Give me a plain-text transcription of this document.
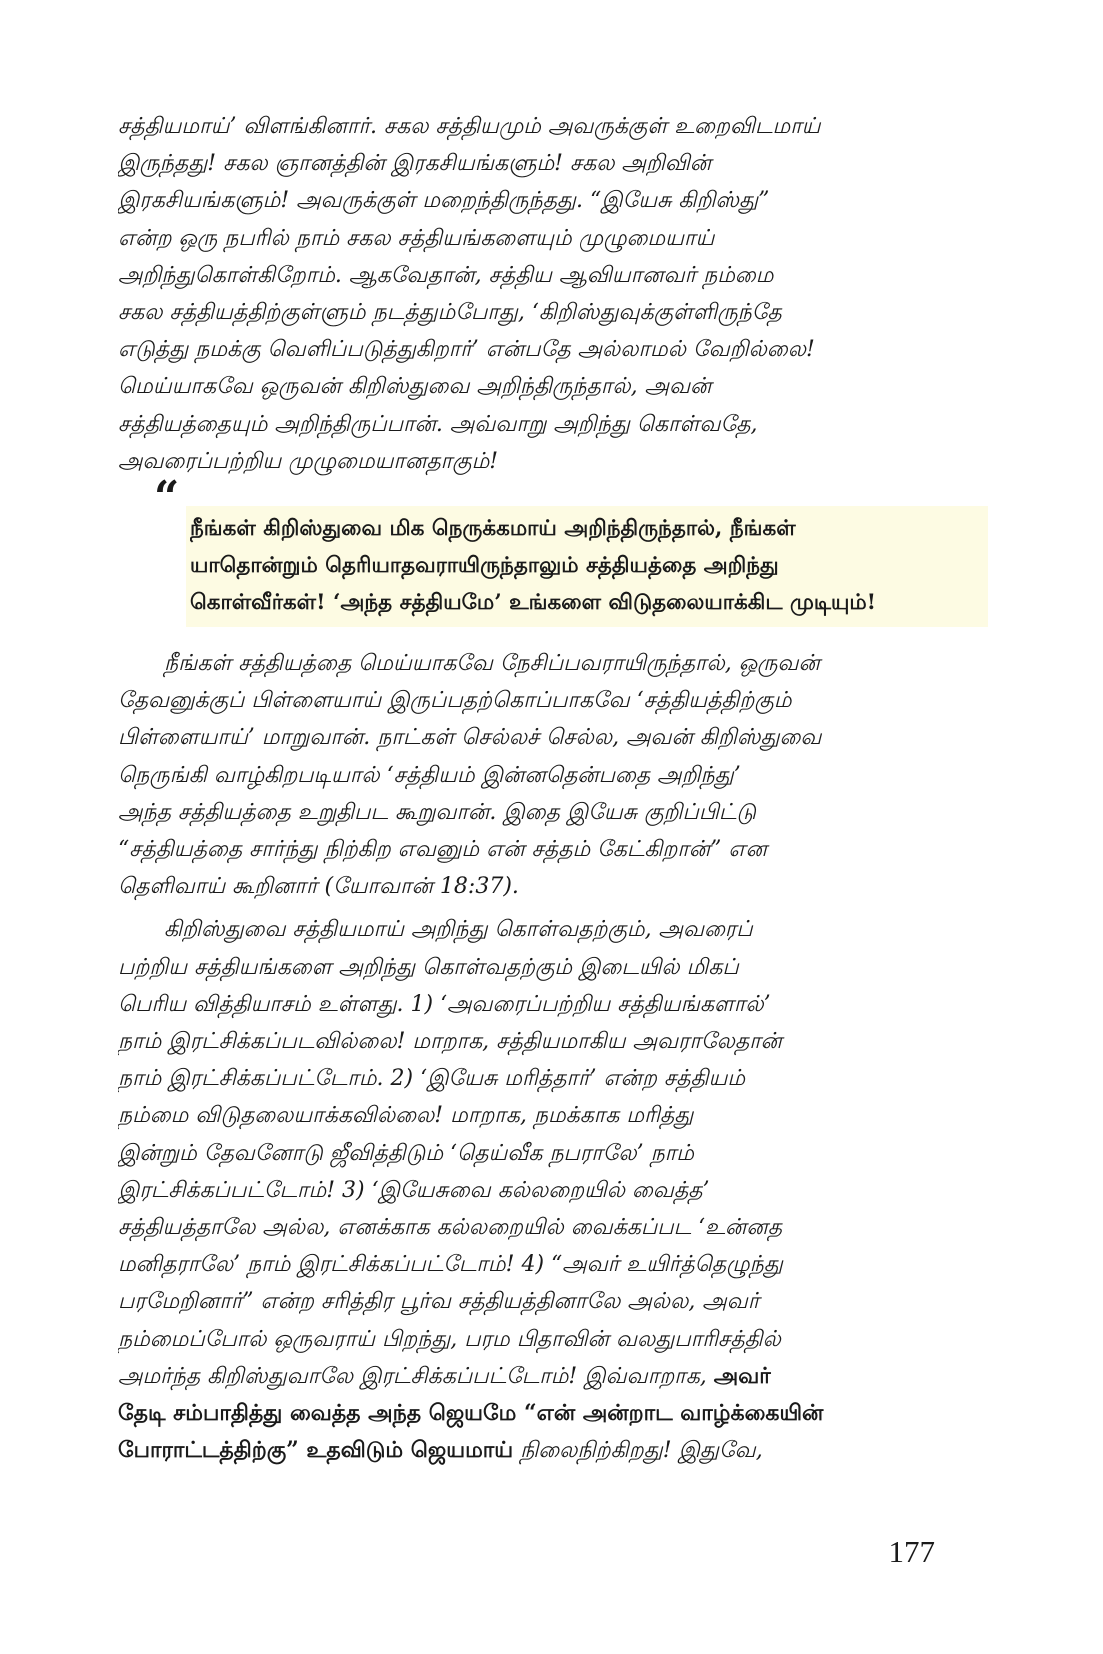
சத்தியமாய்’ விளங்கினார். சகல சத்தியமும் அவருக்குள் உறைவிடமாய்
இருந்தது! சகல ஞானத்தின் இரகசியங்களும்! சகல அறிவின்
இரகசியங்களும்! அவருக்குள் மறைந்திருந்தது. “இயேசு கிறிஸ்து”
என்ற ஒரு நபரில் நாம் சகல சத்தியங்களையும் முழுமையாய்
அறிந்துகொள்கிறோம். ஆகவேதான், சத்திய ஆவியானவர் நம்மை
சகல சத்தியத்திற்குள்ளும் நடத்தும்போது, ‘கிறிஸ்துவுக்குள்ளிருந்தே
எடுத்து நமக்கு வெளிப்படுத்துகிறார்’ என்பதே அல்லாமல் வேறில்லை!
மெய்யாகவே ஒருவன் கிறிஸ்துவை அறிந்திருந்தால், அவன்
சத்தியத்தையும் அறிந்திருப்பான். அவ்வாறு அறிந்து கொள்வதே,
அவரைப்பற்றிய முழுமையானதாகும்!

“
நீங்கள் கிறிஸ்துவை மிக நெருக்கமாய் அறிந்திருந்தால், நீங்கள்
யாதொன்றும் தெரியாதவராயிருந்தாலும் சத்தியத்தை அறிந்து
கொள்வீர்கள்! ‘அந்த சத்தியமே’ உங்களை விடுதலையாக்கிட முடியும்!

நீங்கள் சத்தியத்தை மெய்யாகவே நேசிப்பவராயிருந்தால், ஒருவன்
தேவனுக்குப் பிள்ளையாய் இருப்பதற்கொப்பாகவே ‘சத்தியத்திற்கும்
பிள்ளையாய்’ மாறுவான். நாட்கள் செல்லச் செல்ல, அவன் கிறிஸ்துவை
நெருங்கி வாழ்கிறபடியால் ‘சத்தியம் இன்னதென்பதை அறிந்து’
அந்த சத்தியத்தை உறுதிபட கூறுவான். இதை இயேசு குறிப்பிட்டு
“சத்தியத்தை சார்ந்து நிற்கிற எவனும் என் சத்தம் கேட்கிறான்” என
தெளிவாய் கூறினார் (யோவான் 18:37).

கிறிஸ்துவை சத்தியமாய் அறிந்து கொள்வதற்கும், அவரைப்
பற்றிய சத்தியங்களை அறிந்து கொள்வதற்கும் இடையில் மிகப்
பெரிய வித்தியாசம் உள்ளது. 1) ‘அவரைப்பற்றிய சத்தியங்களால்’
நாம் இரட்சிக்கப்படவில்லை! மாறாக, சத்தியமாகிய அவராலேதான்
நாம் இரட்சிக்கப்பட்டோம். 2) ‘இயேசு மரித்தார்’ என்ற சத்தியம்
நம்மை விடுதலையாக்கவில்லை! மாறாக, நமக்காக மரித்து
இன்றும் தேவனோடு ஜீவித்திடும் ‘தெய்வீக நபராலே’ நாம்
இரட்சிக்கப்பட்டோம்! 3) ‘இயேசுவை கல்லறையில் வைத்த’
சத்தியத்தாலே அல்ல, எனக்காக கல்லறையில் வைக்கப்பட ‘உன்னத
மனிதராலே’ நாம் இரட்சிக்கப்பட்டோம்! 4) “அவர் உயிர்த்தெழுந்து
பரமேறினார்” என்ற சரித்திர பூர்வ சத்தியத்தினாலே அல்ல, அவர்
நம்மைப்போல் ஒருவராய் பிறந்து, பரம பிதாவின் வலதுபாரிசத்தில்
அமர்ந்த கிறிஸ்துவாலே இரட்சிக்கப்பட்டோம்! இவ்வாறாக, அவர்
தேடி சம்பாதித்து வைத்த அந்த ஜெயமே “என் அன்றாட வாழ்க்கையின்
போராட்டத்திற்கு” உதவிடும் ஜெயமாய் நிலைநிற்கிறது! இதுவே,

177
